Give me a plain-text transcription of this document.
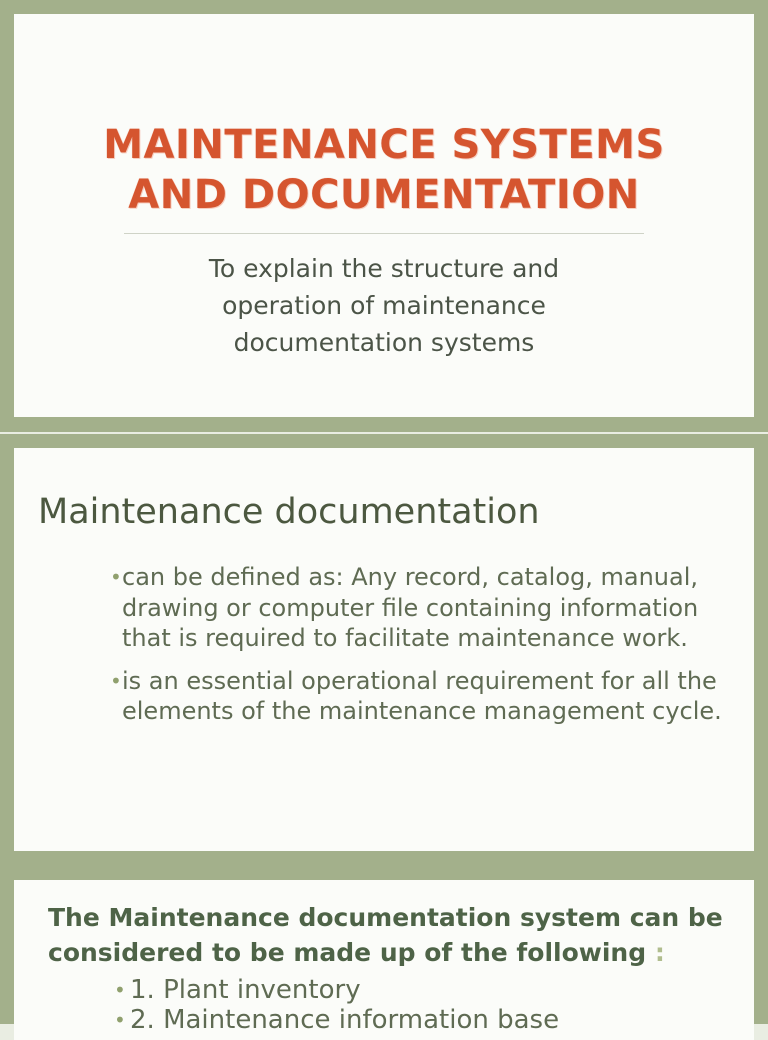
MAINTENANCE SYSTEMS
AND DOCUMENTATION
To explain the structure and
operation of maintenance
documentation systems
Maintenance documentation
• can be defined as: Any record, catalog, manual, drawing or computer file containing information that is required to facilitate maintenance work.
• is an essential operational requirement for all the elements of the maintenance management cycle.
The Maintenance documentation system can be considered to be made up of the following :
• 1. Plant inventory
• 2. Maintenance information base
